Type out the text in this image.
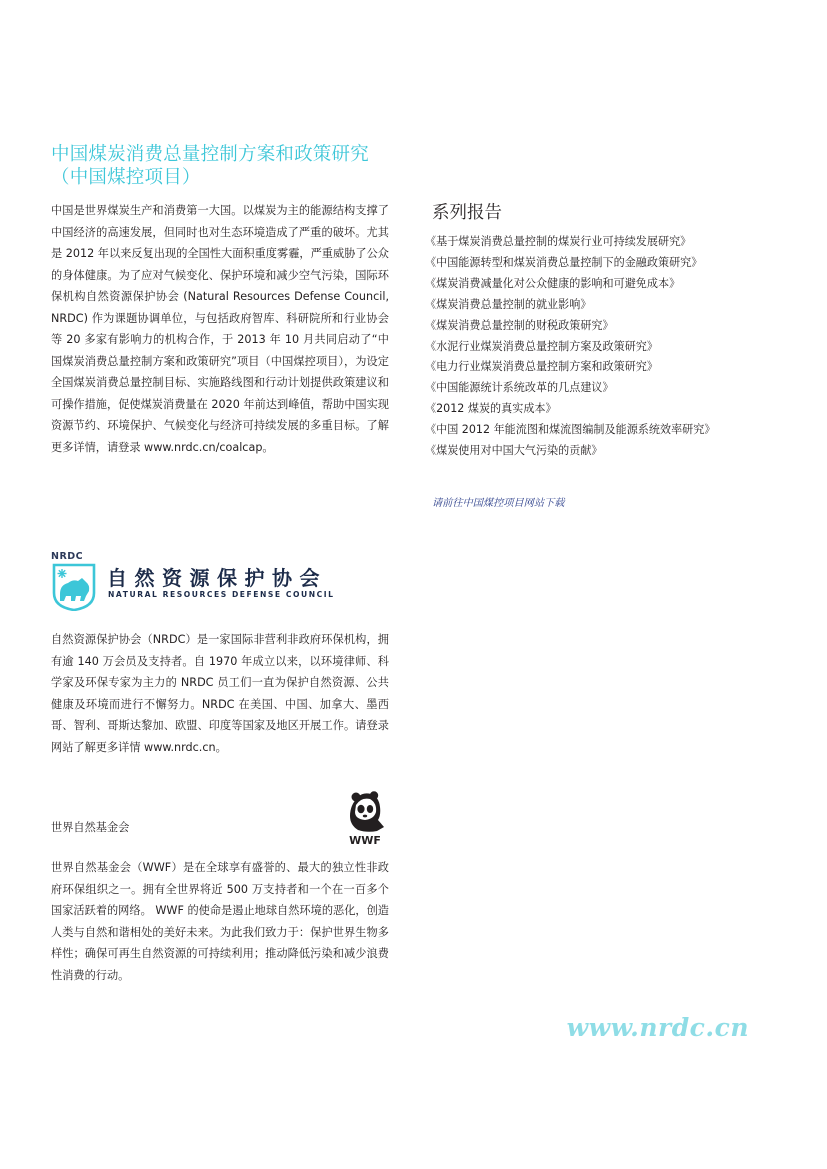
中国煤炭消费总量控制方案和政策研究
（中国煤控项目）
中国是世界煤炭生产和消费第一大国。以煤炭为主的能源结构支撑了中国经济的高速发展，但同时也对生态环境造成了严重的破坏。尤其是 2012 年以来反复出现的全国性大面积重度雾霾，严重威胁了公众的身体健康。为了应对气候变化、保护环境和减少空气污染，国际环保机构自然资源保护协会 (Natural Resources Defense Council, NRDC) 作为课题协调单位，与包括政府智库、科研院所和行业协会等 20 多家有影响力的机构合作，于 2013 年 10 月共同启动了“中国煤炭消费总量控制方案和政策研究”项目（中国煤控项目），为设定全国煤炭消费总量控制目标、实施路线图和行动计划提供政策建议和可操作措施，促使煤炭消费量在 2020 年前达到峰值，帮助中国实现资源节约、环境保护、气候变化与经济可持续发展的多重目标。了解更多详情，请登录 www.nrdc.cn/coalcap。
NRDC
自然资源保护协会
NATURAL RESOURCES DEFENSE COUNCIL
自然资源保护协会（NRDC）是一家国际非营利非政府环保机构，拥有逾 140 万会员及支持者。自 1970 年成立以来，以环境律师、科学家及环保专家为主力的 NRDC 员工们一直为保护自然资源、公共健康及环境而进行不懈努力。NRDC 在美国、中国、加拿大、墨西哥、智利、哥斯达黎加、欧盟、印度等国家及地区开展工作。请登录网站了解更多详情 www.nrdc.cn。
世界自然基金会
WWF
世界自然基金会（WWF）是在全球享有盛誉的、最大的独立性非政府环保组织之一。拥有全世界将近 500 万支持者和一个在一百多个国家活跃着的网络。 WWF 的使命是遏止地球自然环境的恶化，创造人类与自然和谐相处的美好未来。为此我们致力于：保护世界生物多样性；确保可再生自然资源的可持续利用；推动降低污染和减少浪费性消费的行动。
系列报告
《基于煤炭消费总量控制的煤炭行业可持续发展研究》
《中国能源转型和煤炭消费总量控制下的金融政策研究》
《煤炭消费减量化对公众健康的影响和可避免成本》
《煤炭消费总量控制的就业影响》
《煤炭消费总量控制的财税政策研究》
《水泥行业煤炭消费总量控制方案及政策研究》
《电力行业煤炭消费总量控制方案和政策研究》
《中国能源统计系统改革的几点建议》
《2012 煤炭的真实成本》
《中国 2012 年能流图和煤流图编制及能源系统效率研究》
《煤炭使用对中国大气污染的贡献》
请前往中国煤控项目网站下载
www.nrdc.cn
